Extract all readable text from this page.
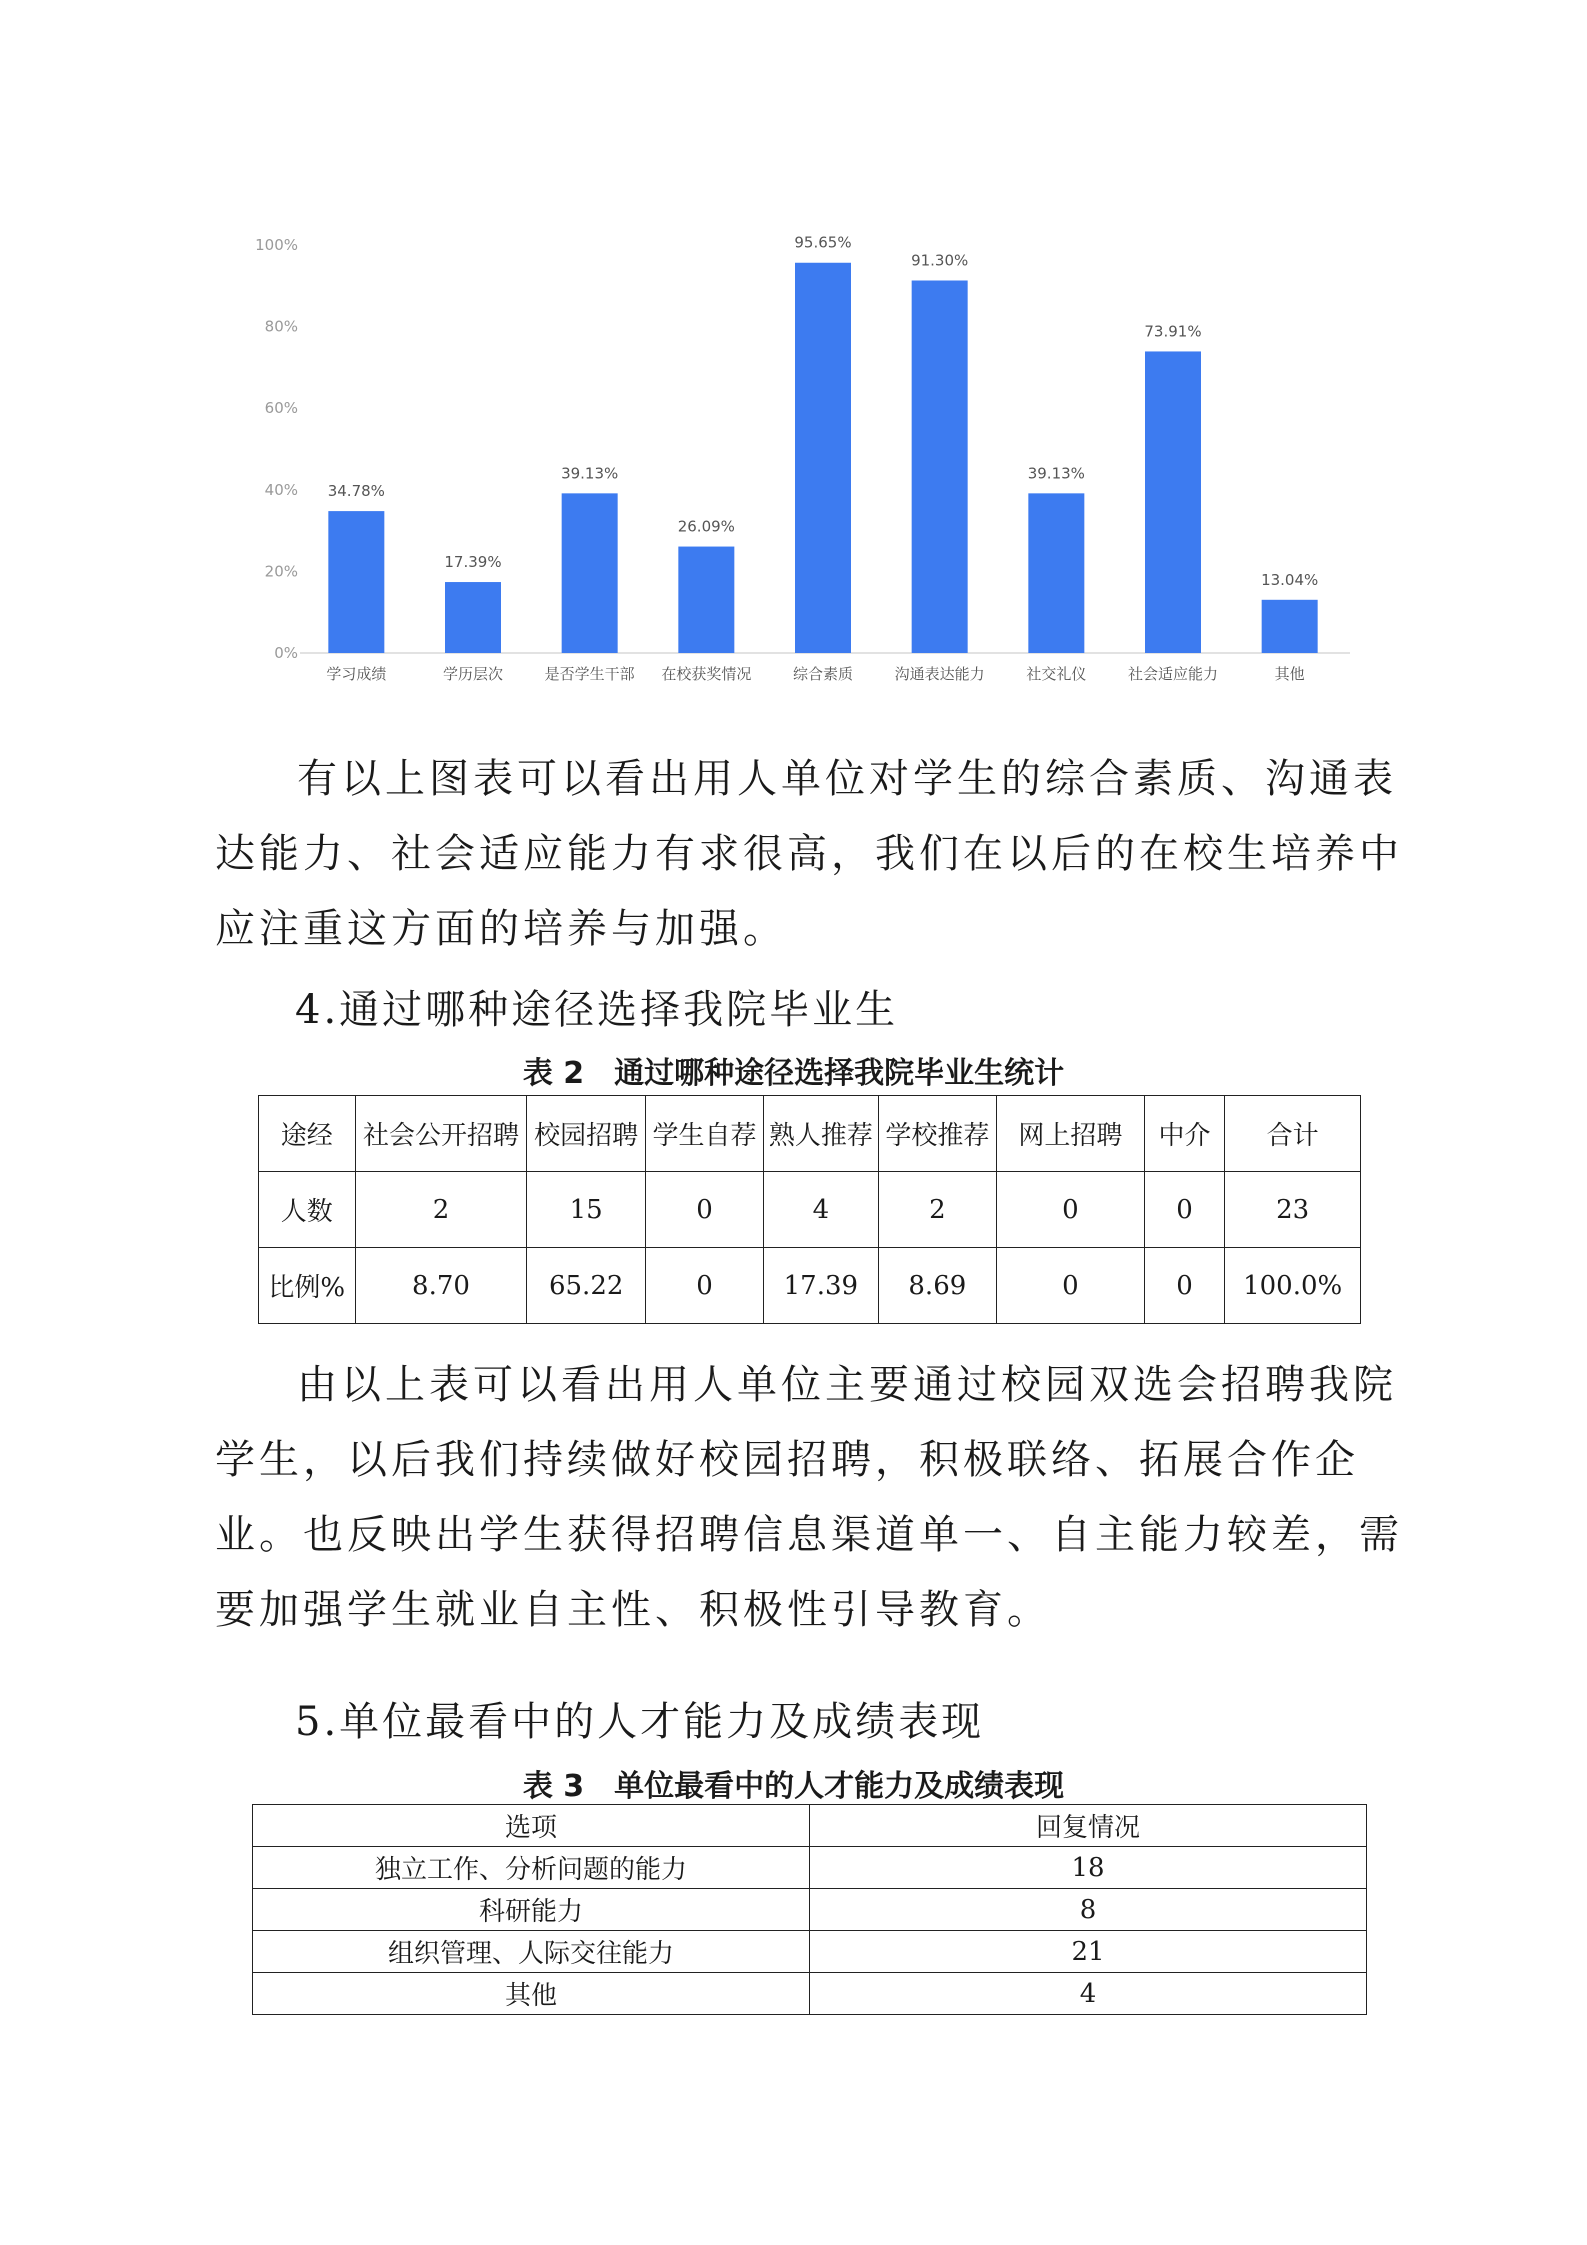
0%
20%
40%
60%
80%
100%
34.78%
学习成绩
17.39%
学历层次
39.13%
是否学生干部
26.09%
在校获奖情况
95.65%
综合素质
91.30%
沟通表达能力
39.13%
社交礼仪
73.91%
社会适应能力
13.04%
其他

有以上图表可以看出用人单位对学生的综合素质、沟通表达能力、社会适应能力有求很高，我们在以后的在校生培养中应注重这方面的培养与加强。

4.通过哪种途径选择我院毕业生

表 2　通过哪种途径选择我院毕业生统计

途经	社会公开招聘	校园招聘	学生自荐	熟人推荐	学校推荐	网上招聘	中介	合计
人数	2	15	0	4	2	0	0	23
比例%	8.70	65.22	0	17.39	8.69	0	0	100.0%

由以上表可以看出用人单位主要通过校园双选会招聘我院学生，以后我们持续做好校园招聘，积极联络、拓展合作企业。也反映出学生获得招聘信息渠道单一、自主能力较差，需要加强学生就业自主性、积极性引导教育。

5.单位最看中的人才能力及成绩表现

表 3　单位最看中的人才能力及成绩表现

选项	回复情况
独立工作、分析问题的能力	18
科研能力	8
组织管理、人际交往能力	21
其他	4
